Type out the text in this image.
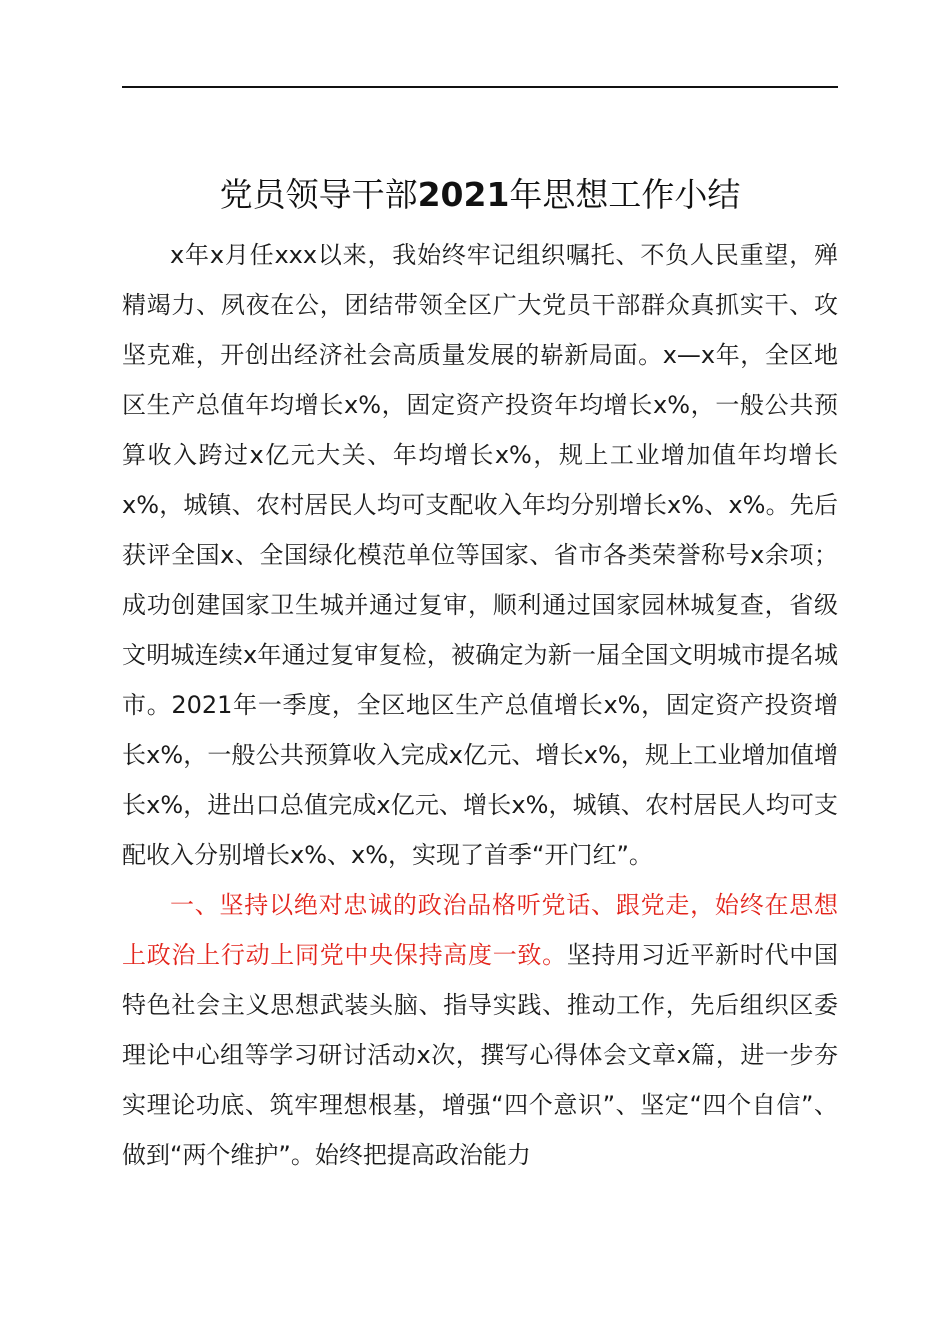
党员领导干部2021年思想工作小结

x年x月任xxx以来，我始终牢记组织嘱托、不负人民重望，殚精竭力、夙夜在公，团结带领全区广大党员干部群众真抓实干、攻坚克难，开创出经济社会高质量发展的崭新局面。x—x年，全区地区生产总值年均增长x%，固定资产投资年均增长x%，一般公共预算收入跨过x亿元大关、年均增长x%，规上工业增加值年均增长x%，城镇、农村居民人均可支配收入年均分别增长x%、x%。先后获评全国x、全国绿化模范单位等国家、省市各类荣誉称号x余项；成功创建国家卫生城并通过复审，顺利通过国家园林城复查，省级文明城连续x年通过复审复检，被确定为新一届全国文明城市提名城市。2021年一季度，全区地区生产总值增长x%，固定资产投资增长x%，一般公共预算收入完成x亿元、增长x%，规上工业增加值增长x%，进出口总值完成x亿元、增长x%，城镇、农村居民人均可支配收入分别增长x%、x%，实现了首季“开门红”。

一、坚持以绝对忠诚的政治品格听党话、跟党走，始终在思想上政治上行动上同党中央保持高度一致。坚持用习近平新时代中国特色社会主义思想武装头脑、指导实践、推动工作，先后组织区委理论中心组等学习研讨活动x次，撰写心得体会文章x篇，进一步夯实理论功底、筑牢理想根基，增强“四个意识”、坚定“四个自信”、做到“两个维护”。始终把提高政治能力
